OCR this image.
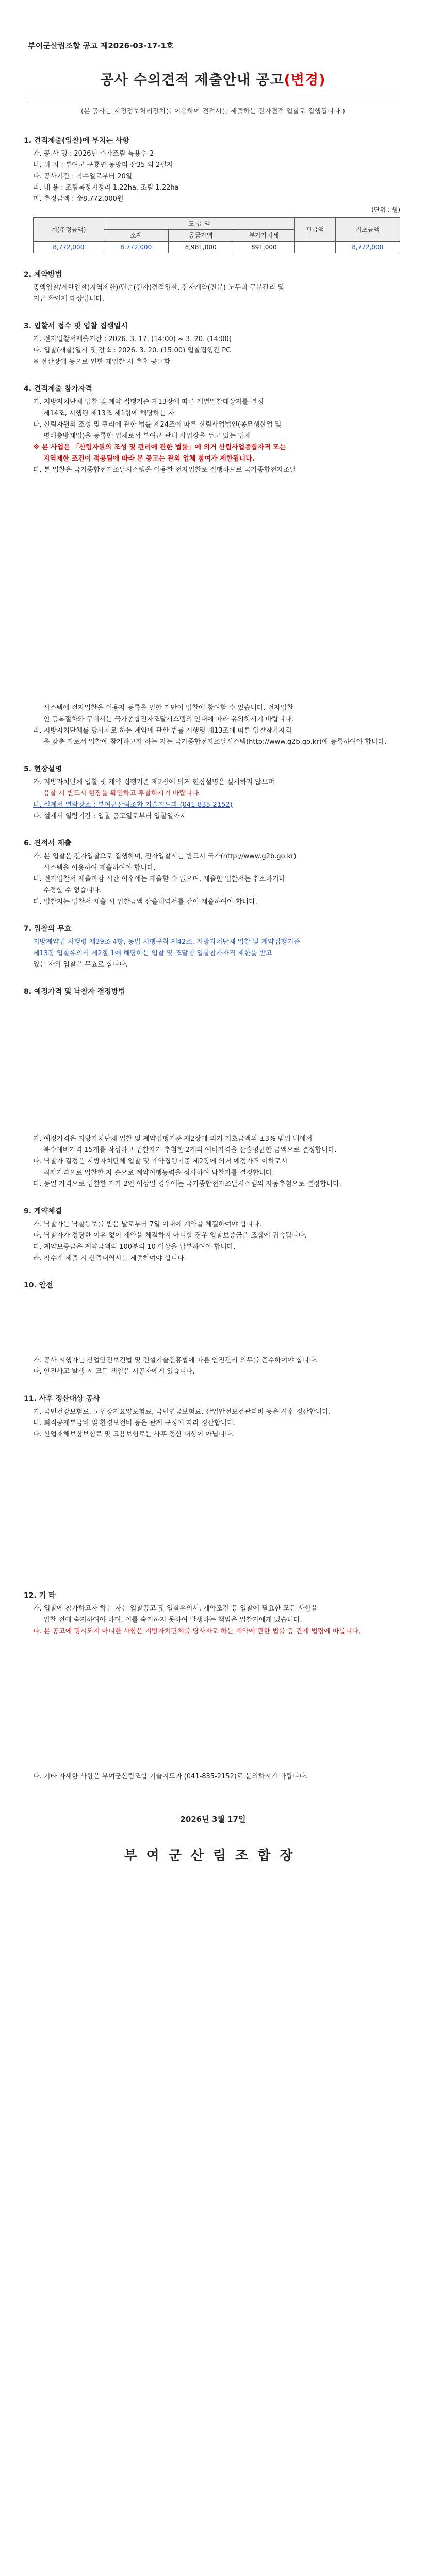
부여군산림조합 공고 제2026-03-17-1호
공사 수의견적 제출안내 공고(변경)
(본 공사는 지정정보처리장치를 이용하여 견적서를 제출하는 전자견적 입찰로 집행됩니다.)
1. 견적제출(입찰)에 부치는 사항
가. 공 사 명 : 2026년 추가조림 특용수-2
나. 위 치 : 부여군 구룡면 동방리 산35 외 2필지
다. 공사기간 : 착수일로부터 20일
라. 내 용 : 조림목정지정리 1.22ha, 조림 1.22ha
마. 추정금액 : 金8,772,000원
(단위 : 원)
계(추정금액)	도 급 액			관급액	기초금액
	소계	공급가액	부가가치세		
8,772,000	8,772,000	8,981,000	891,000		8,772,000
2. 계약방법
총액입찰/제한입찰(지역제한)/단순(전자)견적입찰, 전자계약(전문) 노무비 구분관리 및
지급 확인제 대상입니다.
3. 입찰서 접수 및 입찰 집행일시
가. 전자입찰서제출기간 : 2026. 3. 17. (14:00) ~ 3. 20. (14:00)
나. 입찰(개찰)일시 및 장소 : 2026. 3. 20. (15:00) 입찰집행관 PC
※ 전산장애 등으로 인한 재입찰 시 추후 공고함
4. 견적제출 참가자격
가. 지방자치단체 입찰 및 계약 집행기준 제13장에 따른 개별입찰대상자를 결정
제14조, 시행령 제13조 제1항에 해당하는 자
나. 산림자원의 조성 및 관리에 관한 법률 제24조에 따른 산림사업법인(종묘생산업 및
병해충방제업)을 등록한 업체로서 부여군 관내 사업장을 두고 있는 업체
※ 본 사업은 「산림자원의 조성 및 관리에 관한 법률」에 의거 산림사업종합자격 또는
지역제한 조건이 적용됨에 따라 본 공고는 관외 업체 참여가 제한됩니다.
다. 본 입찰은 국가종합전자조달시스템을 이용한 전자입찰로 집행하므로 국가종합전자조달
시스템에 전자입찰을 이용자 등록을 필한 자만이 입찰에 참여할 수 있습니다. 전자입찰
인 등록절차와 구비서는 국가종합전자조달시스템의 안내에 따라 유의하시기 바랍니다.
라. 지방자치단체를 당사자로 하는 계약에 관한 법률 시행령 제13조에 따른 입찰참가자격
을 갖춘 자로서 입찰에 참가하고자 하는 자는 국가종합전자조달시스템(http://www.g2b.go.kr)에 등록하여야 합니다.
5. 현장설명
가. 지방자치단체 입찰 및 계약 집행기준 제2장에 의거 현장설명은 실시하지 않으며
응찰 시 반드시 현장을 확인하고 투찰하시기 바랍니다.
나. 설계서 열람장소 : 부여군산림조합 기술지도과 (041-835-2152)
다. 설계서 열람기간 : 입찰 공고일로부터 입찰일까지
6. 견적서 제출
가. 본 입찰은 전자입찰으로 집행하며, 전자입찰서는 반드시 국가(http://www.g2b.go.kr)
시스템을 이용하여 제출하여야 합니다.
나. 전자입찰서 제출마감 시간 이후에는 제출할 수 없으며, 제출한 입찰서는 취소하거나
수정할 수 없습니다.
다. 입찰자는 입찰서 제출 시 입찰금액 산출내역서를 같이 제출하여야 합니다.
7. 입찰의 무효
지방계약법 시행령 제39조 4항, 동법 시행규칙 제42조, 지방자치단체 입찰 및 계약집행기준
제13장 입찰유의서 제2절 1에 해당하는 입찰 및 조달청 입찰참가자격 제한을 받고
있는 자의 입찰은 무효로 합니다.
8. 예정가격 및 낙찰자 결정방법
가. 예정가격은 지방자치단체 입찰 및 계약집행기준 제2장에 의거 기초금액의 ±3% 범위 내에서
복수예비가격 15개를 작성하고 입찰자가 추첨한 2개의 예비가격을 산술평균한 금액으로 결정합니다.
나. 낙찰자 결정은 지방자치단체 입찰 및 계약집행기준 제2장에 의거 예정가격 이하로서
최저가격으로 입찰한 자 순으로 계약이행능력을 심사하여 낙찰자를 결정합니다.
다. 동일 가격으로 입찰한 자가 2인 이상일 경우에는 국가종합전자조달시스템의 자동추첨으로 결정합니다.
9. 계약체결
가. 낙찰자는 낙찰통보를 받은 날로부터 7일 이내에 계약을 체결하여야 합니다.
나. 낙찰자가 정당한 이유 없이 계약을 체결하지 아니할 경우 입찰보증금은 조합에 귀속됩니다.
다. 계약보증금은 계약금액의 100분의 10 이상을 납부하여야 합니다.
라. 착수계 제출 시 산출내역서를 제출하여야 합니다.
10. 안전
가. 공사 시행자는 산업안전보건법 및 건설기술진흥법에 따른 안전관리 의무를 준수하여야 합니다.
나. 안전사고 발생 시 모든 책임은 시공자에게 있습니다.
11. 사후 정산대상 공사
가. 국민건강보험료, 노인장기요양보험료, 국민연금보험료, 산업안전보건관리비 등은 사후 정산합니다.
나. 퇴직공제부금비 및 환경보전비 등은 관계 규정에 따라 정산합니다.
다. 산업재해보상보험료 및 고용보험료는 사후 정산 대상이 아닙니다.
12. 기 타
가. 입찰에 참가하고자 하는 자는 입찰공고 및 입찰유의서, 계약조건 등 입찰에 필요한 모든 사항을
입찰 전에 숙지하여야 하며, 이를 숙지하지 못하여 발생하는 책임은 입찰자에게 있습니다.
나. 본 공고에 명시되지 아니한 사항은 지방자치단체를 당사자로 하는 계약에 관한 법률 등 관계 법령에 따릅니다.
다. 기타 자세한 사항은 부여군산림조합 기술지도과 (041-835-2152)로 문의하시기 바랍니다.
2026년 3월 17일
부여군산림조합장
